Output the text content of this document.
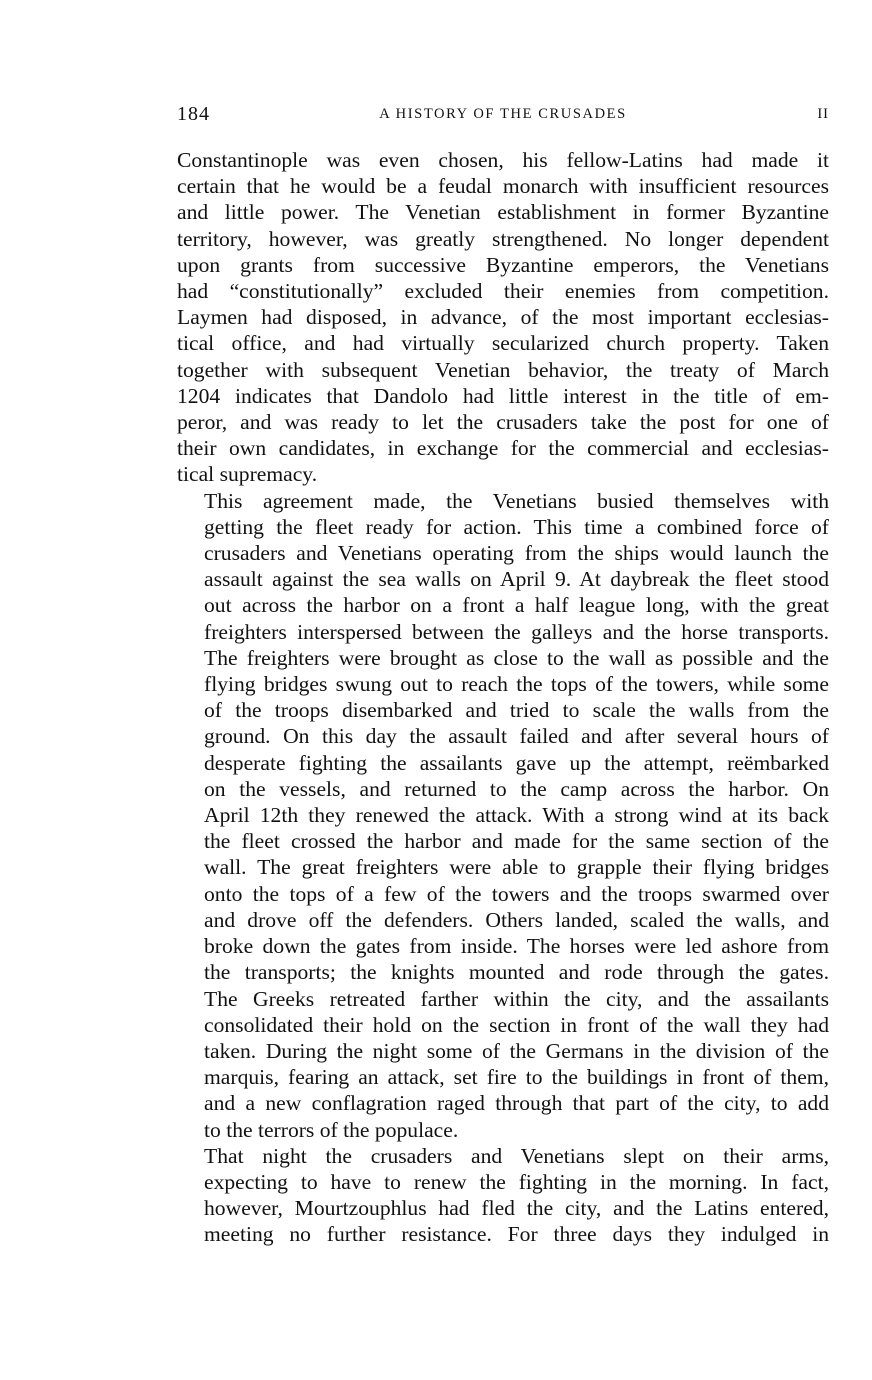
184	A HISTORY OF THE CRUSADES	II

Constantinople was even chosen, his fellow-Latins had made it
certain that he would be a feudal monarch with insufficient resources
and little power. The Venetian establishment in former Byzantine
territory, however, was greatly strengthened. No longer dependent
upon grants from successive Byzantine emperors, the Venetians
had “constitutionally” excluded their enemies from competition.
Laymen had disposed, in advance, of the most important ecclesias-
tical office, and had virtually secularized church property. Taken
together with subsequent Venetian behavior, the treaty of March
1204 indicates that Dandolo had little interest in the title of em-
peror, and was ready to let the crusaders take the post for one of
their own candidates, in exchange for the commercial and ecclesias-
tical supremacy.

This agreement made, the Venetians busied themselves with
getting the fleet ready for action. This time a combined force of
crusaders and Venetians operating from the ships would launch the
assault against the sea walls on April 9. At daybreak the fleet stood
out across the harbor on a front a half league long, with the great
freighters interspersed between the galleys and the horse transports.
The freighters were brought as close to the wall as possible and the
flying bridges swung out to reach the tops of the towers, while some
of the troops disembarked and tried to scale the walls from the
ground. On this day the assault failed and after several hours of
desperate fighting the assailants gave up the attempt, reëmbarked
on the vessels, and returned to the camp across the harbor. On
April 12th they renewed the attack. With a strong wind at its back
the fleet crossed the harbor and made for the same section of the
wall. The great freighters were able to grapple their flying bridges
onto the tops of a few of the towers and the troops swarmed over
and drove off the defenders. Others landed, scaled the walls, and
broke down the gates from inside. The horses were led ashore from
the transports; the knights mounted and rode through the gates.
The Greeks retreated farther within the city, and the assailants
consolidated their hold on the section in front of the wall they had
taken. During the night some of the Germans in the division of the
marquis, fearing an attack, set fire to the buildings in front of them,
and a new conflagration raged through that part of the city, to add
to the terrors of the populace.

That night the crusaders and Venetians slept on their arms,
expecting to have to renew the fighting in the morning. In fact,
however, Mourtzouphlus had fled the city, and the Latins entered,
meeting no further resistance. For three days they indulged in
